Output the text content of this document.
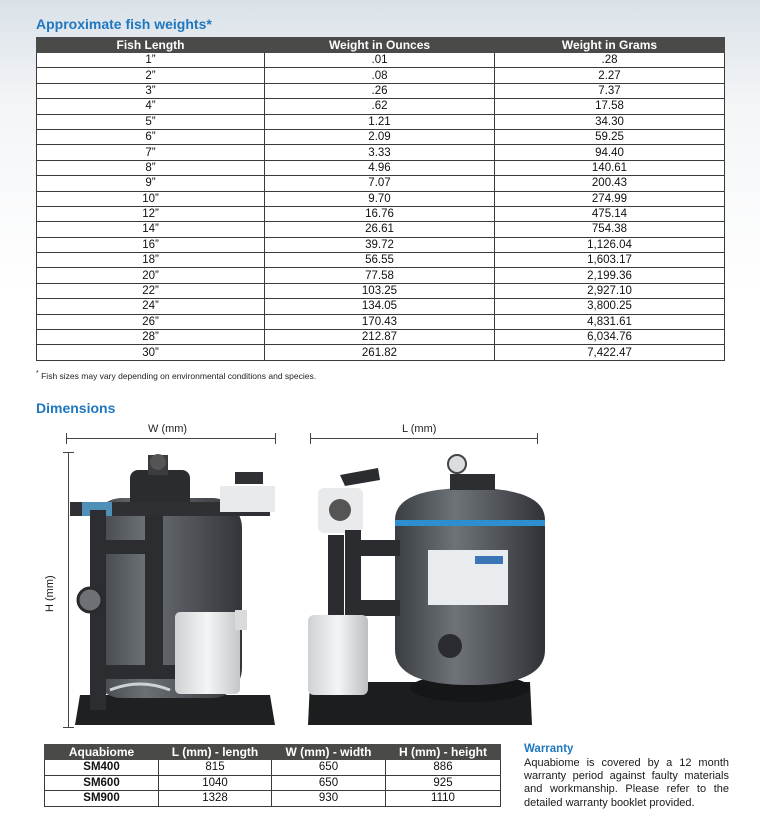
Approximate fish weights*
Fish Length	Weight in Ounces	Weight in Grams
1”	.01	.28
2”	.08	2.27
3”	.26	7.37
4”	.62	17.58
5”	1.21	34.30
6”	2.09	59.25
7”	3.33	94.40
8”	4.96	140.61
9”	7.07	200.43
10”	9.70	274.99
12”	16.76	475.14
14”	26.61	754.38
16”	39.72	1,126.04
18”	56.55	1,603.17
20”	77.58	2,199.36
22”	103.25	2,927.10
24”	134.05	3,800.25
26”	170.43	4,831.61
28”	212.87	6,034.76
30”	261.82	7,422.47
* Fish sizes may vary depending on environmental conditions and species.
Dimensions
W (mm)	L (mm)
H (mm)
Aquabiome	L (mm) - length	W (mm) - width	H (mm) - height
SM400	815	650	886
SM600	1040	650	925
SM900	1328	930	1110
Warranty
Aquabiome is covered by a 12 month warranty period against faulty materials and workmanship. Please refer to the detailed warranty booklet provided.
